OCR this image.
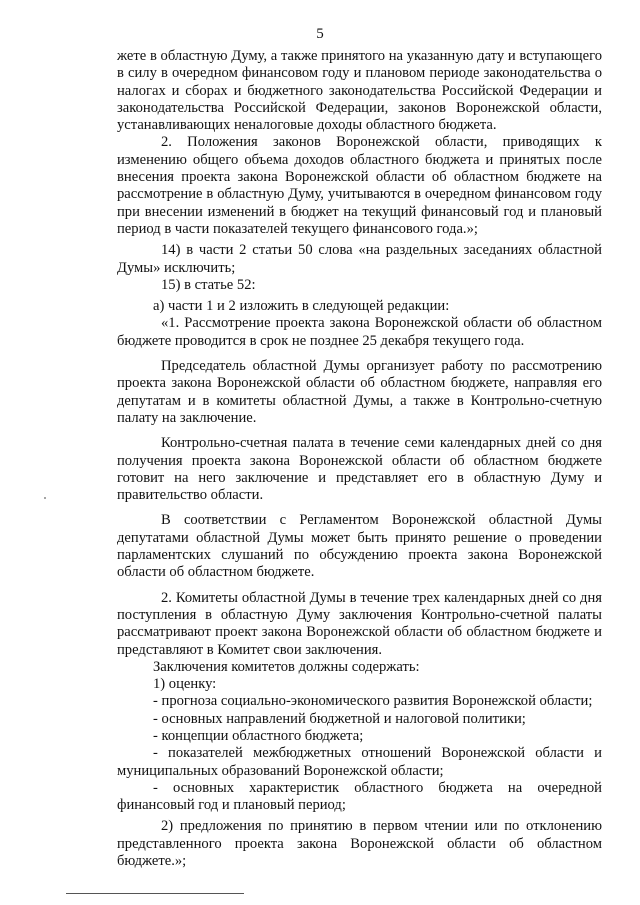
5

жете в областную Думу, а также принятого на указанную дату и вступающего в силу в очередном финансовом году и плановом периоде законодательства о налогах и сборах и бюджетного законодательства Российской Федерации и законодательства Российской Федерации, законов Воронежской области, устанавливающих неналоговые доходы областного бюджета.

2. Положения законов Воронежской области, приводящих к изменению общего объема доходов областного бюджета и принятых после внесения проекта закона Воронежской области об областном бюджете на рассмотрение в областную Думу, учитываются в очередном финансовом году при внесении изменений в бюджет на текущий финансовый год и плановый период в части показателей текущего финансового года.»;

14) в части 2 статьи 50 слова «на раздельных заседаниях областной Думы» исключить;

15) в статье 52:

а) части 1 и 2 изложить в следующей редакции:

«1. Рассмотрение проекта закона Воронежской области об областном бюджете проводится в срок не позднее 25 декабря текущего года.

Председатель областной Думы организует работу по рассмотрению проекта закона Воронежской области об областном бюджете, направляя его депутатам и в комитеты областной Думы, а также в Контрольно-счетную палату на заключение.

Контрольно-счетная палата в течение семи календарных дней со дня получения проекта закона Воронежской области об областном бюджете готовит на него заключение и представляет его в областную Думу и правительство области.

В соответствии с Регламентом Воронежской областной Думы депутатами областной Думы может быть принято решение о проведении парламентских слушаний по обсуждению проекта закона Воронежской области об областном бюджете.

2. Комитеты областной Думы в течение трех календарных дней со дня поступления в областную Думу заключения Контрольно-счетной палаты рассматривают проект закона Воронежской области об областном бюджете и представляют в Комитет свои заключения.

Заключения комитетов должны содержать:

1) оценку:

- прогноза социально-экономического развития Воронежской области;

- основных направлений бюджетной и налоговой политики;

- концепции областного бюджета;

- показателей межбюджетных отношений Воронежской области и муниципальных образований Воронежской области;

- основных характеристик областного бюджета на очередной финансовый год и плановый период;

2) предложения по принятию в первом чтении или по отклонению представленного проекта закона Воронежской области об областном бюджете.»;
